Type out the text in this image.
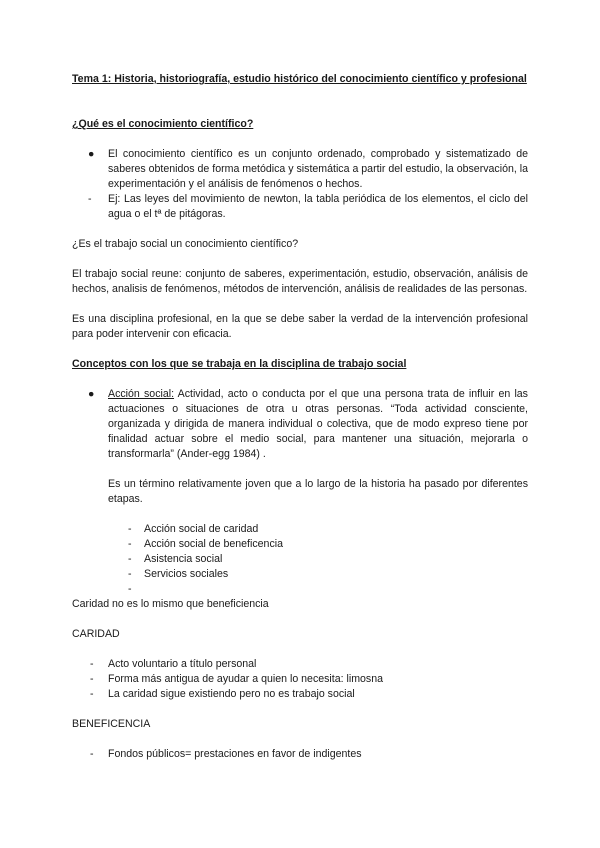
Tema 1: Historia, historiografía, estudio histórico del conocimiento científico y profesional

¿Qué es el conocimiento científico?

● El conocimiento científico es un conjunto ordenado, comprobado y sistematizado de saberes obtenidos de forma metódica y sistemática a partir del estudio, la observación, la experimentación y el análisis de fenómenos o hechos.
- Ej: Las leyes del movimiento de newton, la tabla periódica de los elementos, el ciclo del agua o el tª de pitágoras.

¿Es el trabajo social un conocimiento científico?

El trabajo social reune: conjunto de saberes, experimentación, estudio, observación, análisis de hechos, analisis de fenómenos, métodos de intervención, análisis de realidades de las personas.

Es una disciplina profesional, en la que se debe saber la verdad de la intervención profesional para poder intervenir con eficacia.

Conceptos con los que se trabaja en la disciplina de trabajo social

● Acción social: Actividad, acto o conducta por el que una persona trata de influir en las actuaciones o situaciones de otra u otras personas. “Toda actividad consciente, organizada y dirigida de manera individual o colectiva, que de modo expreso tiene por finalidad actuar sobre el medio social, para mantener una situación, mejorarla o transformarla” (Ander-egg 1984) .

Es un término relativamente joven que a lo largo de la historia ha pasado por diferentes etapas.

- Acción social de caridad
- Acción social de beneficencia
- Asistencia social
- Servicios sociales
-

Caridad no es lo mismo que beneficiencia

CARIDAD

- Acto voluntario a título personal
- Forma más antigua de ayudar a quien lo necesita: limosna
- La caridad sigue existiendo pero no es trabajo social

BENEFICENCIA

- Fondos públicos= prestaciones en favor de indigentes
